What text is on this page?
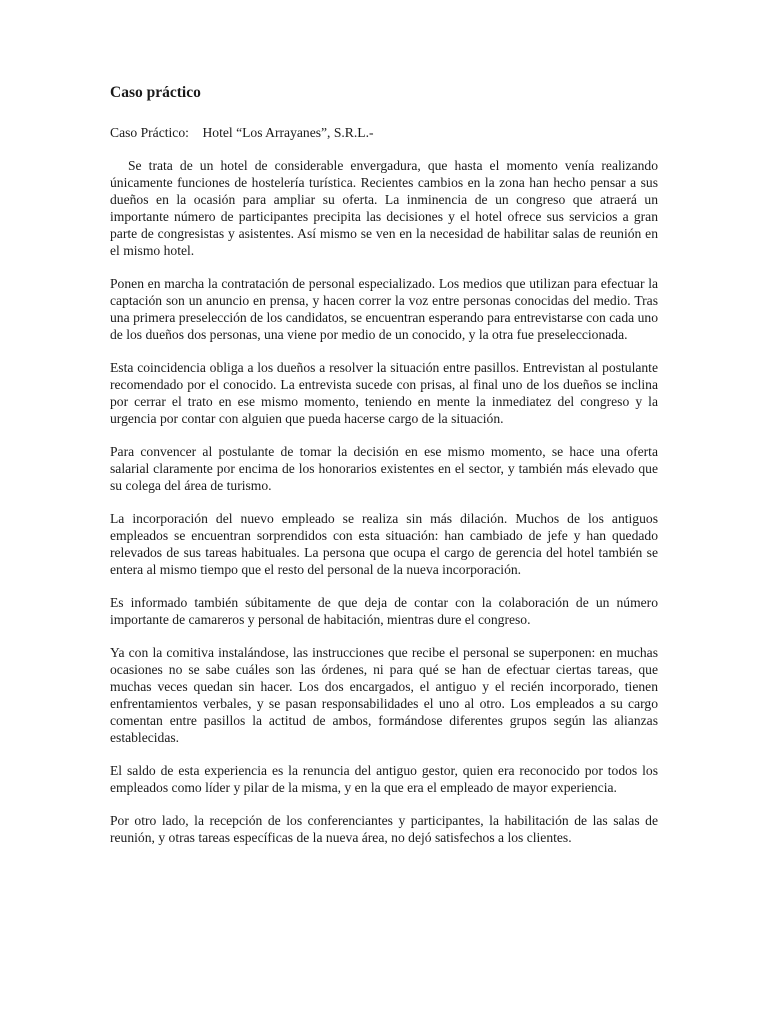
Caso práctico
Caso Práctico:    Hotel “Los Arrayanes”, S.R.L.-

Se trata de un hotel de considerable envergadura, que hasta el momento venía realizando únicamente funciones de hostelería turística. Recientes cambios en la zona han hecho pensar a sus dueños en la ocasión para ampliar su oferta. La inminencia de un congreso que atraerá un importante número de participantes precipita las decisiones y el hotel ofrece sus servicios a gran parte de congresistas y asistentes. Así mismo se ven en la necesidad de habilitar salas de reunión en el mismo hotel.

Ponen en marcha la contratación de personal especializado. Los medios que utilizan para efectuar la captación son un anuncio en prensa, y hacen correr la voz entre personas conocidas del medio. Tras una primera preselección de los candidatos, se encuentran esperando para entrevistarse con cada uno de los dueños dos personas, una viene por medio de un conocido, y la otra fue preseleccionada.

Esta coincidencia obliga a los dueños a resolver la situación entre pasillos. Entrevistan al postulante recomendado por el conocido. La entrevista sucede con prisas, al final uno de los dueños se inclina por cerrar el trato en ese mismo momento, teniendo en mente la inmediatez del congreso y la urgencia por contar con alguien que pueda hacerse cargo de la situación.

Para convencer al postulante de tomar la decisión en ese mismo momento, se hace una oferta salarial claramente por encima de los honorarios existentes en el sector, y también más elevado que su colega del área de turismo.

La incorporación del nuevo empleado se realiza sin más dilación. Muchos de los antiguos empleados se encuentran sorprendidos con esta situación: han cambiado de jefe y han quedado relevados de sus tareas habituales. La persona que ocupa el cargo de gerencia del hotel también se entera al mismo tiempo que el resto del personal de la nueva incorporación.

Es informado también súbitamente de que deja de contar con la colaboración de un número importante de camareros y personal de habitación, mientras dure el congreso.

Ya con la comitiva instalándose, las instrucciones que recibe el personal se superponen: en muchas ocasiones no se sabe cuáles son las órdenes, ni para qué se han de efectuar ciertas tareas, que muchas veces quedan sin hacer. Los dos encargados, el antiguo y el recién incorporado, tienen enfrentamientos verbales, y se pasan responsabilidades el uno al otro. Los empleados a su cargo comentan entre pasillos la actitud de ambos, formándose diferentes grupos según las alianzas establecidas.

El saldo de esta experiencia es la renuncia del antiguo gestor, quien era reconocido por todos los empleados como líder y pilar de la misma, y en la que era el empleado de mayor experiencia.

Por otro lado, la recepción de los conferenciantes y participantes, la habilitación de las salas de reunión, y otras tareas específicas de la nueva área, no dejó satisfechos a los clientes.
